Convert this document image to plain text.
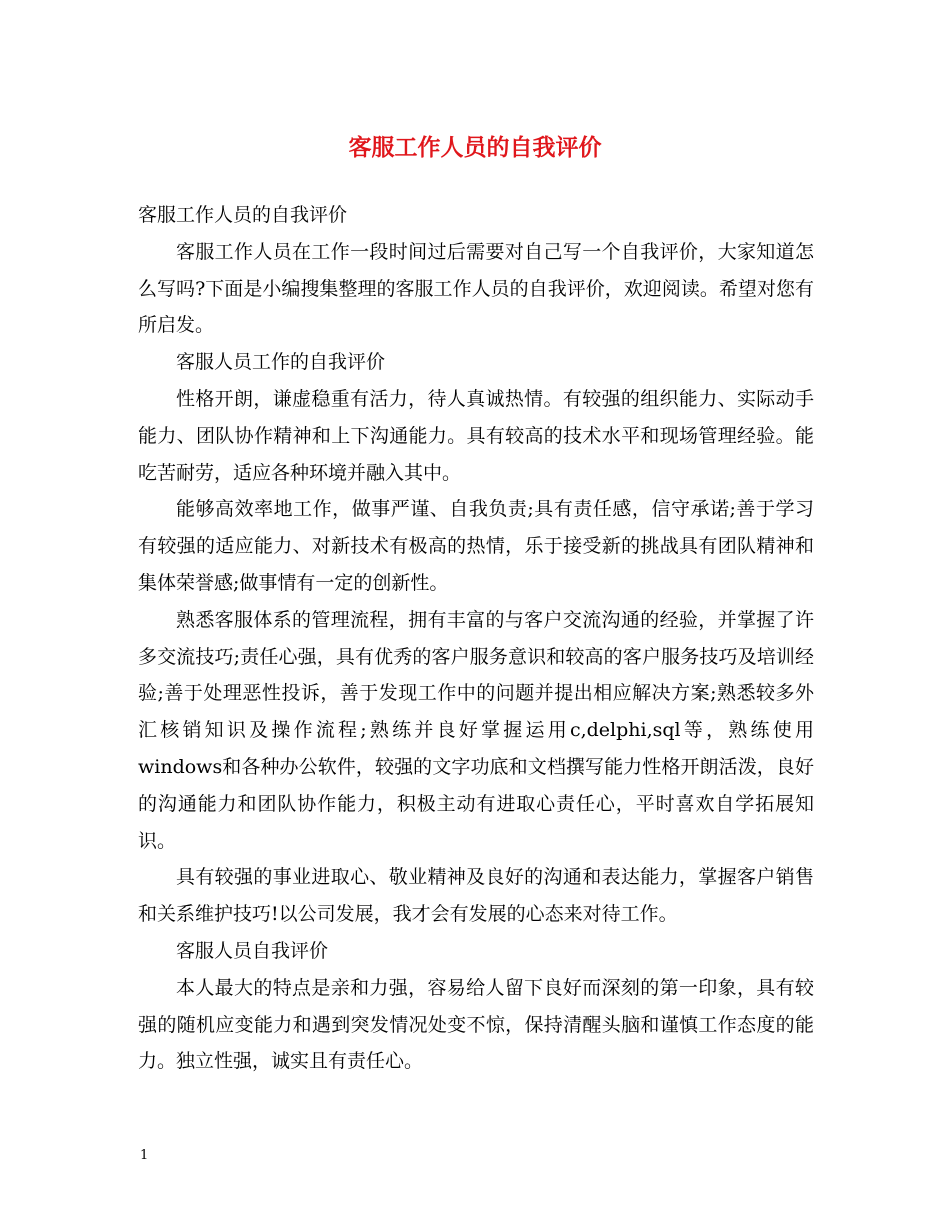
客服工作人员的自我评价

客服工作人员的自我评价

客服工作人员在工作一段时间过后需要对自己写一个自我评价，大家知道怎么写吗?下面是小编搜集整理的客服工作人员的自我评价，欢迎阅读。希望对您有所启发。

客服人员工作的自我评价

性格开朗，谦虚稳重有活力，待人真诚热情。有较强的组织能力、实际动手能力、团队协作精神和上下沟通能力。具有较高的技术水平和现场管理经验。能吃苦耐劳，适应各种环境并融入其中。

能够高效率地工作，做事严谨、自我负责;具有责任感，信守承诺;善于学习有较强的适应能力、对新技术有极高的热情，乐于接受新的挑战具有团队精神和集体荣誉感;做事情有一定的创新性。

熟悉客服体系的管理流程，拥有丰富的与客户交流沟通的经验，并掌握了许多交流技巧;责任心强，具有优秀的客户服务意识和较高的客户服务技巧及培训经验;善于处理恶性投诉，善于发现工作中的问题并提出相应解决方案;熟悉较多外汇核销知识及操作流程;熟练并良好掌握运用c,delphi,sql等，熟练使用windows和各种办公软件，较强的文字功底和文档撰写能力性格开朗活泼，良好的沟通能力和团队协作能力，积极主动有进取心责任心，平时喜欢自学拓展知识。

具有较强的事业进取心、敬业精神及良好的沟通和表达能力，掌握客户销售和关系维护技巧!以公司发展，我才会有发展的心态来对待工作。

客服人员自我评价

本人最大的特点是亲和力强，容易给人留下良好而深刻的第一印象，具有较强的随机应变能力和遇到突发情况处变不惊，保持清醒头脑和谨慎工作态度的能力。独立性强，诚实且有责任心。

1
